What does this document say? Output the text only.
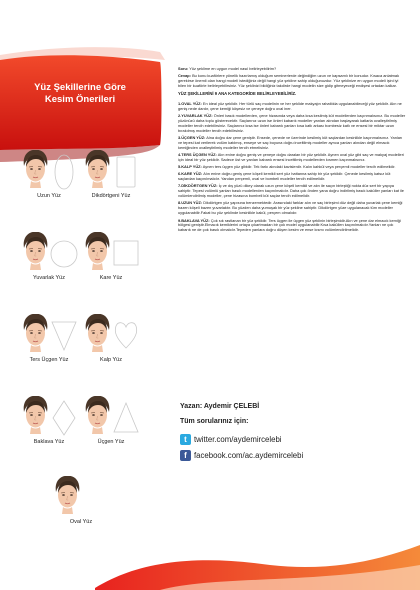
Yüz Şekillerine Göre
Kesim Önerileri
Uzun Yüz	Dikdörtgeni Yüz
Yuvarlak Yüz	Kare Yüz
Ters Üçgen Yüz	Kalp Yüz
Baklava Yüz	Üçgen Yüz
Oval Yüz

Soru: Yüz şeklime en uygun model nasıl belirleyebilirim?

Cevap: Bu konu kuaförlere yönelik hazırlamış olduğum seminerlerde değindiğim uzun ve kapsamlı bir konudur. Kısaca anlatmak gerekirse önemli olan hangi modeli istediğiniz değil hangi yüz şekline sahip olduğunuzdur. Yüz şeklinize en uygun modeli işini iyi bilen bir kuaförle belirleyebilirsiniz. Yüz şeklinizi bildiğiniz takdirde hangi modelin size gidip gitmeyeceği endişesi ortadan kalkar.

YÜZ ŞEKİLLERİNİ 9 ANA KATEGORİDE BELİRLEYEBİLİRİZ.

1.OVAL YÜZ: En ideal yüz şeklidir. Her türlü saç modelinin ve her şeklide makyajın rahatlıkla uygulanabileceği yüz şeklidir. Alın ne geniş nede dardır, çene kemiği köşesiz ve çeneye doğru oval iner.

2.YUVARLAK YÜZ: Önleri basık modellerden, çene hizasında veya daha kısa kesilmiş küt modellerden kaçınmalısınız. Bu modeller yüzünüzü daha toplu gösterecektir. Saçlarınız uzun ise önleri kabarık modeller yanları alından başlayarak katlarla ovalleştirilmiş modeller tercih edebilirsiniz. Saçlarınız kısa ise önleri kabarık yanları kısa katlı arkası bombesiz katlı ve ensesi bir miktar uzun bırakılmış modeller tercih edebilirsiniz.

3.ÜÇGEN YÜZ: Alna doğru dar çene geniştir. Ensede, çenede ve üzerinde kesilmiş küt saçlardan kesinlikle kaçınmalısınız. Yanları ve tepesi kat verilerek volüm katılmış, enseye ve saç boyuna doğru inceltilmiş modeller ayrıca yanları alından değil elmacık kemiğinden ovalleştirilmiş modeller tercih etmelisiniz.

4.TERS ÜÇGEN YÜZ: Alın enine doğru geniş ve çeneye doğru daralan bir yüz şeklidir. Aynen oval yüz gibi saç ve makyaj modelleri için ideal bir yüz şeklidir. Sadece üst ve yanları kabarık ensesi inceltilmiş modellerden kısmen kaçınmalısınız.

5.KALP YÜZ: Aynen ters üçgen yüz gibidir. Tek farkı alındaki kavislerdir. Kalın kahkül veya perçemli modeller tercih edilmelidir.

6.KARE YÜZ: Alın enine doğru geniş çene köşeli kemikli sert yüz hattanna sahip bir yüz şeklidir. Çenede kesilmiş katsız küt saçlardan kaçınılmalıdır. Yandan perçemli, oval ve bombeli modeller tercih edilmelidir.

7.DİKDÖRTGEN YÜZ: İç ve dış yüzü dikey olarak uzun çene köşeli kemikli ve alın ile saçın birleştiği nokta düz sert bir yapıya sahiptir. Tepesi volümlü yanları basık modellerden kaçınılmalıdır. Daha çok önden yana doğru indirilmiş basık kaküller yanları kat ile volümlendirilmiş modeller, çene hizasına bombeli küt saçlar tercih edilmelidir.

8.UZUN YÜZ: Dikdörtgen yüz yapısına benzemektedir. Arasındaki farklar alın ve saç birleşimi düz değil daha yuvarlak çene kemiği bazen köşeli bazen yuvarlaktır. Bu yüzden daha yumuşak bir yüz şekline sahiptir. Dikdörtgen yüze uygulanacak tüm modeller uygulanabilir.Fakat bu yüz şeklinde kesinlikle kakül, perçem olmalıdır.

9.BAKLAVA YÜZ: Çok sık rastlanan bir yüz şeklidir. Ters üçgen ile üçgen yüz şeklinin birleşimidir.Alın ve çene dar elmacık kemiği bölgesi geniştir.Elmacık kemiklerini ortaya çıkartmadan bir çok model uygulanabilir.Kısa kaküllen kaçınılmalıdır.Yanları ne çok kabarık ne de çok basık olmalıdır.Tepeden yanlara doğru düşen kesim ve ense kısmı volümlendirilmelidir.

Yazan: Aydemir ÇELEBİ
Tüm sorularınız için:
t twitter.com/aydemircelebi
f facebook.com/ac.aydemircelebi
